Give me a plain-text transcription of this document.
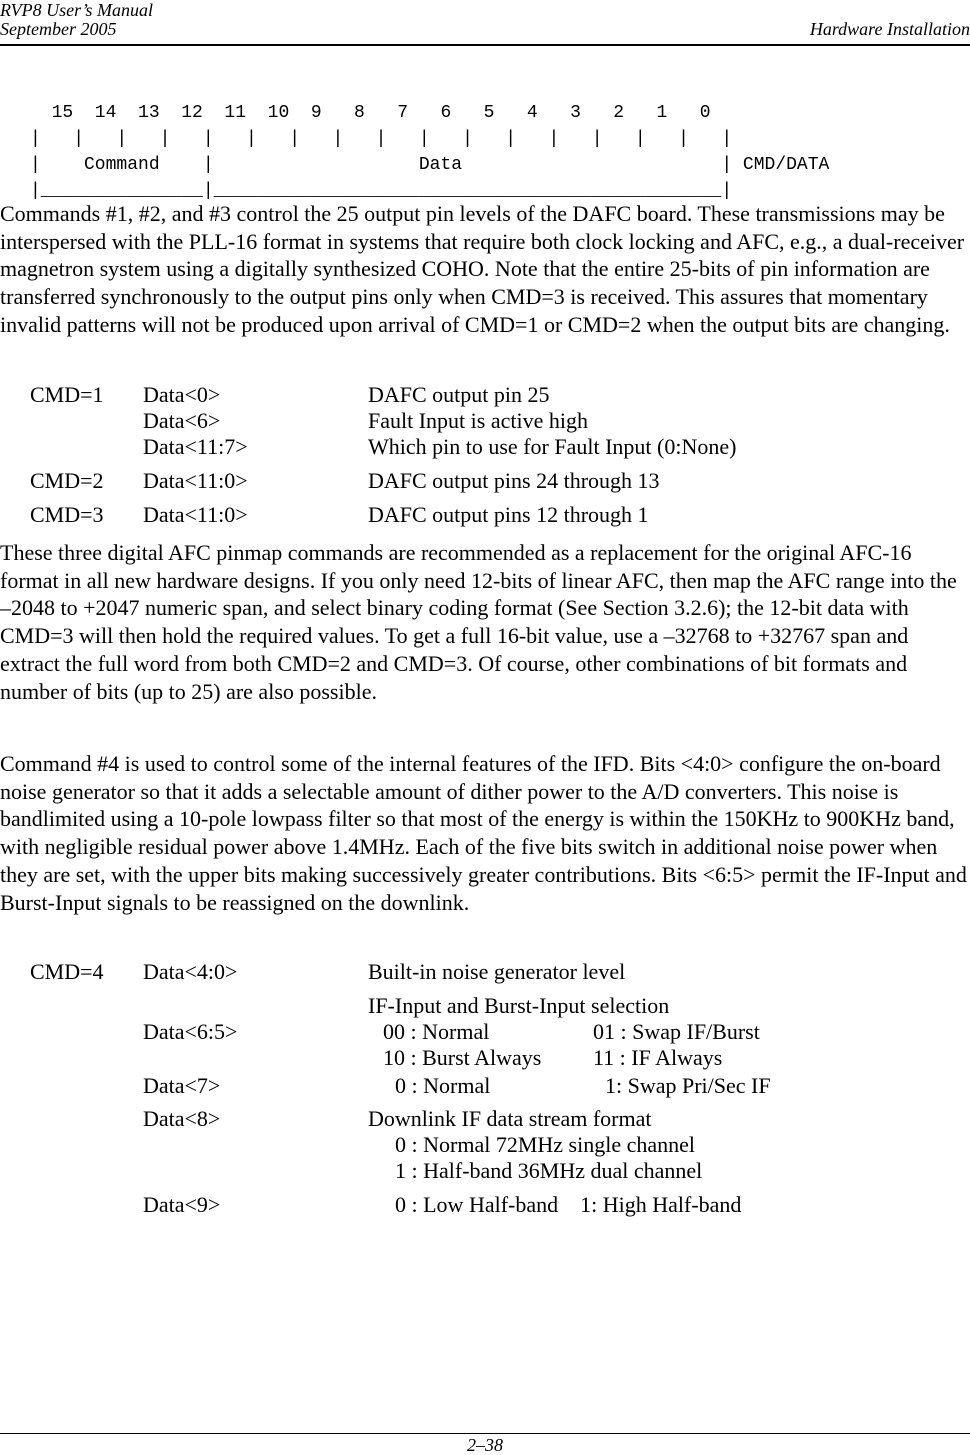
RVP8 User’s Manual
September 2005	Hardware Installation
15  14  13  12  11  10  9   8   7   6   5   4   3   2   1   0
|   |   |   |   |   |   |   |   |   |   |   |   |   |   |   |   |
|    Command    |                   Data                        | CMD/DATA
|_______________|_______________________________________________|

Commands #1, #2, and #3 control the 25 output pin levels of the DAFC board. These transmissions may be interspersed with the PLL-16 format in systems that require both clock locking and AFC, e.g., a dual-receiver magnetron system using a digitally synthesized COHO. Note that the entire 25-bits of pin information are transferred synchronously to the output pins only when CMD=3 is received. This assures that momentary invalid patterns will not be produced upon arrival of CMD=1 or CMD=2 when the output bits are changing.

CMD=1 Data<0>	DAFC output pin 25
Data<6>	Fault Input is active high
Data<11:7>	Which pin to use for Fault Input (0:None)
CMD=2 Data<11:0>	DAFC output pins 24 through 13
CMD=3 Data<11:0>	DAFC output pins 12 through 1

These three digital AFC pinmap commands are recommended as a replacement for the original AFC-16 format in all new hardware designs. If you only need 12-bits of linear AFC, then map the AFC range into the –2048 to +2047 numeric span, and select binary coding format (See Section 3.2.6); the 12-bit data with CMD=3 will then hold the required values. To get a full 16-bit value, use a –32768 to +32767 span and extract the full word from both CMD=2 and CMD=3. Of course, other combinations of bit formats and number of bits (up to 25) are also possible.

Command #4 is used to control some of the internal features of the IFD. Bits <4:0> configure the on-board noise generator so that it adds a selectable amount of dither power to the A/D converters. This noise is bandlimited using a 10-pole lowpass filter so that most of the energy is within the 150KHz to 900KHz band, with negligible residual power above 1.4MHz. Each of the five bits switch in additional noise power when they are set, with the upper bits making successively greater contributions. Bits <6:5> permit the IF-Input and Burst-Input signals to be reassigned on the downlink.

CMD=4 Data<4:0>	Built-in noise generator level
IF-Input and Burst-Input selection
Data<6:5>	00 : Normal	01 : Swap IF/Burst
10 : Burst Always 11 : IF Always
Data<7>	0 : Normal	1: Swap Pri/Sec IF
Data<8>	Downlink IF data stream format
0 : Normal 72MHz single channel
1 : Half-band 36MHz dual channel
Data<9>	0 : Low Half-band    1: High Half-band
2–38
